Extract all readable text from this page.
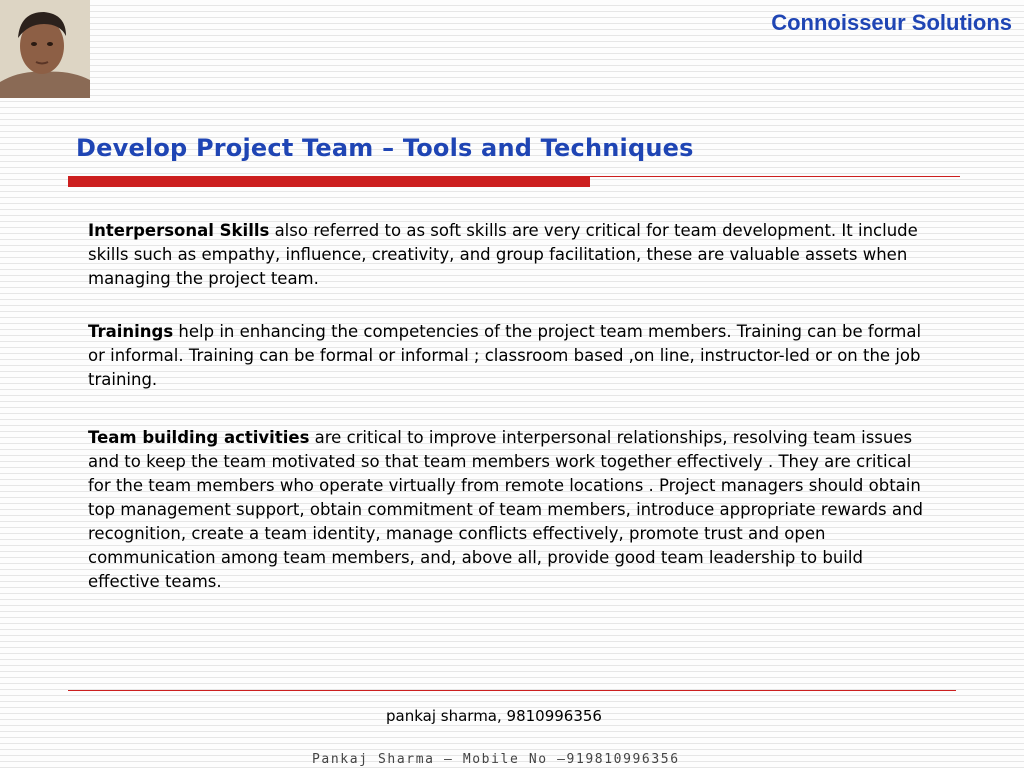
Connoisseur Solutions
Develop Project Team – Tools and Techniques

Interpersonal Skills also referred to as soft skills are very critical for team development. It include skills such as empathy, influence, creativity, and group facilitation, these are valuable assets when managing the project team.

Trainings help in enhancing the competencies of the project team members. Training can be formal or informal. Training can be formal or informal ; classroom based ,on line, instructor-led or on the job training.

Team building activities are critical to improve interpersonal relationships, resolving team issues and to keep the team motivated so that team members work together effectively . They are critical for the team members who operate virtually from remote locations . Project managers should obtain top management support, obtain commitment of team members, introduce appropriate rewards and recognition, create a team identity, manage conflicts effectively, promote trust and open communication among team members, and, above all, provide good team leadership to build effective teams.

pankaj sharma, 9810996356
Pankaj Sharma – Mobile No –919810996356
